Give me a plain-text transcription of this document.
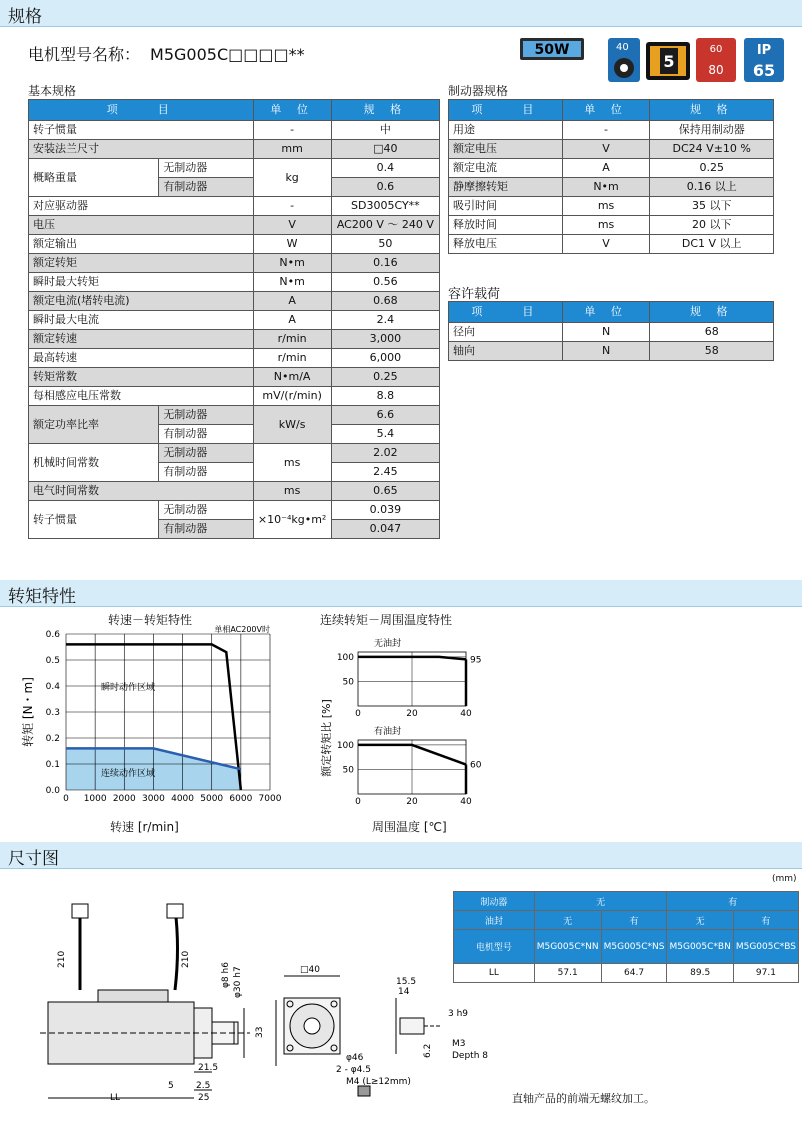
规格
电机型号名称： M5G005C□□□□**	50W	40
5
60
80
IP
65
基本规格
项　　目		单 位	规 格
转子惯量		-	中
安装法兰尺寸		mm	□40
概略重量	无制动器	kg	0.4
	有制动器		0.6
对应驱动器		-	SD3005CY**
电压		V	AC200 V ～ 240 V
额定输出		W	50
额定转矩		N•m	0.16
瞬时最大转矩		N•m	0.56
额定电流(堵转电流)		A	0.68
瞬时最大电流		A	2.4
额定转速		r/min	3,000
最高转速		r/min	6,000
转矩常数		N•m/A	0.25
每相感应电压常数		mV/(r/min)	8.8
额定功率比率	无制动器	kW/s	6.6
	有制动器		5.4
机械时间常数	无制动器	ms	2.02
	有制动器		2.45
电气时间常数		ms	0.65
转子惯量	无制动器	×10⁻⁴kg•m²	0.039
	有制动器		0.047
制动器规格
项　　目	单 位	规 格
用途	-	保持用制动器
额定电压	V	DC24 V±10 %
额定电流	A	0.25
静摩擦转矩	N•m	0.16 以上
吸引时间	ms	35 以下
释放时间	ms	20 以下
释放电压	V	DC1 V 以上
容许载荷
项　　目	单 位	规 格
径向	N	68
轴向	N	58
转矩特性
转速－转矩特性	连续转矩－周围温度特性
0 1000 2000 3000 4000 5000 6000 7000
0.0
0.1
0.2
0.3
0.4
0.5
0.6
瞬时动作区域
连续动作区域
单相AC200V时
转矩 [N・m]	额定转矩比 [%] 0	20	40
100
50
95
无油封
0	20	40
100
50	60
有油封
转速 [r/min]	周围温度 [℃]
尺寸图
(mm)
制动器	无		有	
油封	无	有	无	有
电机型号	M5G005C*NN	M5G005C*NS	M5G005C*BN	M5G005C*BS
LL	57.1	64.7	89.5	97.1
直轴产品的前端无螺纹加工。
210	210
φ8 h6 φ30 h7
33
21.5
2.5
5
25
LL
□40
φ46
2 - φ4.5
M4 (L≥12mm)
15.5
14
3 h9
6.2 M3
Depth 8
